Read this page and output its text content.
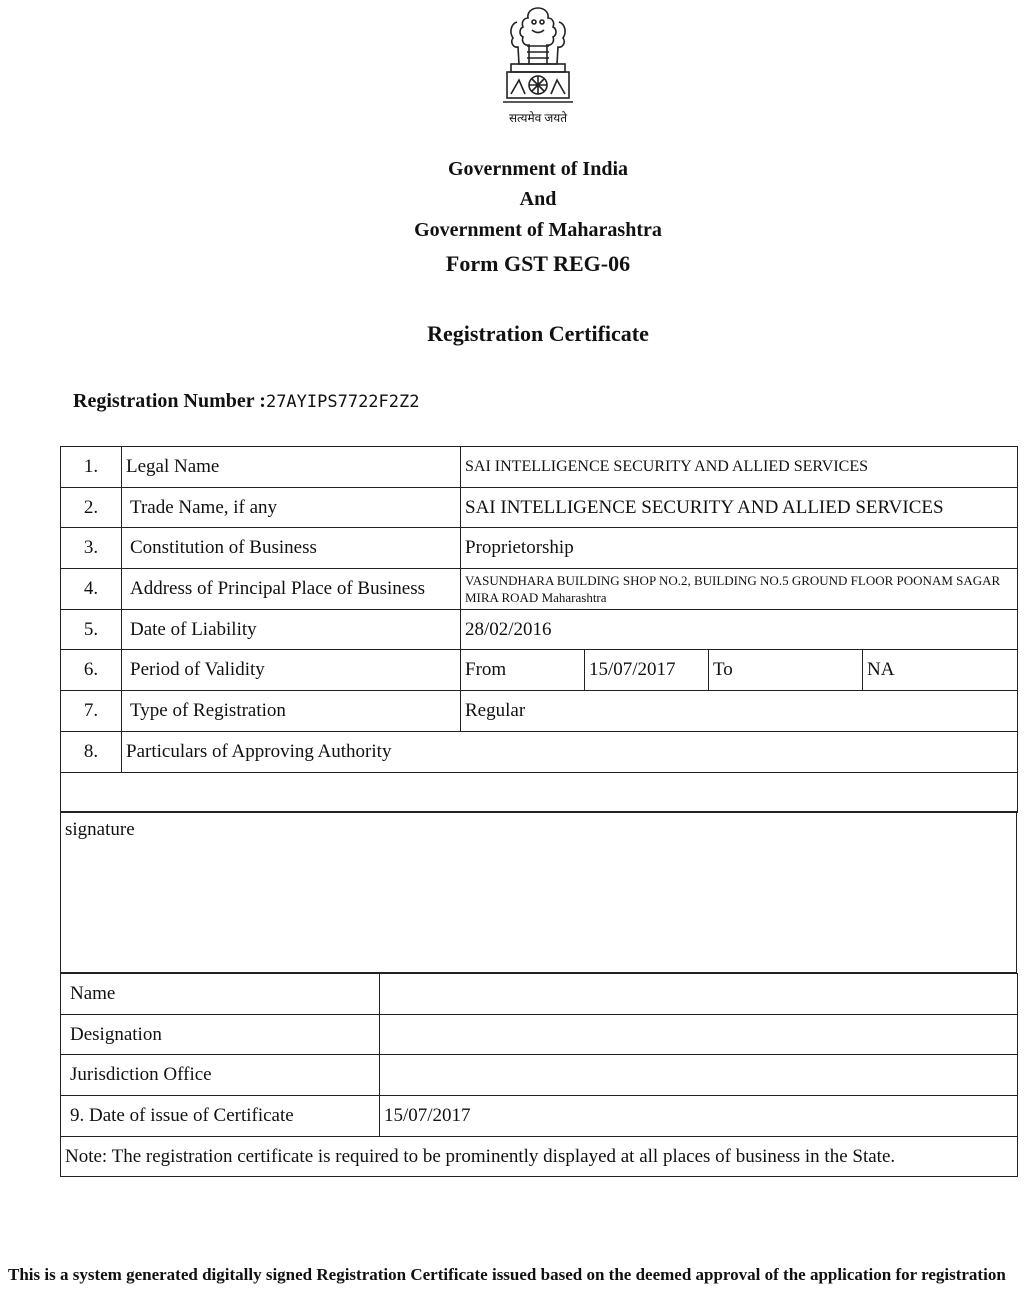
सत्यमेव जयते
Government of India
And
Government of Maharashtra
Form GST REG-06
Registration Certificate
Registration Number :27AYIPS7722F2Z2
1.	Legal Name	SAI INTELLIGENCE SECURITY AND ALLIED SERVICES			
2.	Trade Name, if any	SAI INTELLIGENCE SECURITY AND ALLIED SERVICES			
3.	Constitution of Business	Proprietorship			
4.	Address of Principal Place of Business	VASUNDHARA BUILDING SHOP NO.2, BUILDING NO.5 GROUND FLOOR POONAM SAGAR MIRA ROAD Maharashtra			
5.	Date of Liability	28/02/2016			
6.	Period of Validity	From	15/07/2017	To	NA
7.	Type of Registration	Regular			
8.	Particulars of Approving Authority				

signature
Name	
Designation	
Jurisdiction Office	
9. Date of issue of Certificate	15/07/2017
Note: The registration certificate is required to be prominently displayed at all places of business in the State.	
This is a system generated digitally signed Registration Certificate issued based on the deemed approval of the application for registration
